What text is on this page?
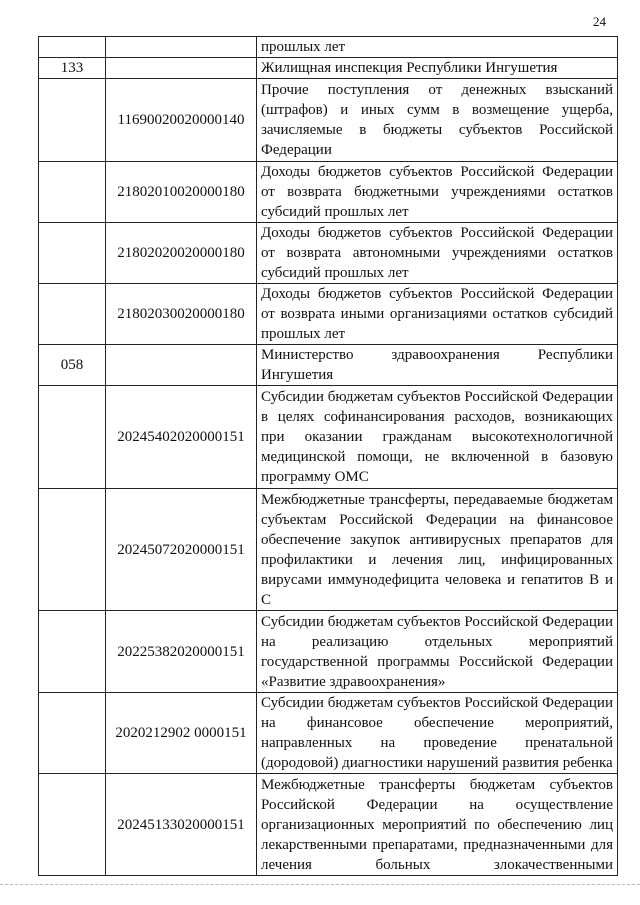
24
		прошлых лет
133		Жилищная инспекция Республики Ингушетия
	11690020020000140	Прочие поступления от денежных взысканий (штрафов) и иных сумм в возмещение ущерба, зачисляемые в бюджеты субъектов Российской Федерации
	21802010020000180	Доходы бюджетов субъектов Российской Федерации от возврата бюджетными учреждениями остатков субсидий прошлых лет
	21802020020000180	Доходы бюджетов субъектов Российской Федерации от возврата автономными учреждениями остатков субсидий прошлых лет
	21802030020000180	Доходы бюджетов субъектов Российской Федерации от возврата иными организациями остатков субсидий прошлых лет
058		Министерство здравоохранения Республики Ингушетия
	20245402020000151	Субсидии бюджетам субъектов Российской Федерации в целях софинансирования расходов, возникающих при оказании гражданам высокотехнологичной медицинской помощи, не включенной в базовую программу ОМС
	20245072020000151	Межбюджетные трансферты, передаваемые бюджетам субъектам Российской Федерации на финансовое обеспечение закупок антивирусных препаратов для профилактики и лечения лиц, инфицированных вирусами иммунодефицита человека и гепатитов В и С
	20225382020000151	Субсидии бюджетам субъектов Российской Федерации на реализацию отдельных мероприятий государственной программы Российской Федерации «Развитие здравоохранения»
	2020212902 0000151	Субсидии бюджетам субъектов Российской Федерации на финансовое обеспечение мероприятий, направленных на проведение пренатальной (дородовой) диагностики нарушений развития ребенка
	20245133020000151	Межбюджетные трансферты бюджетам субъектов Российской Федерации на осуществление организационных мероприятий по обеспечению лиц лекарственными препаратами, предназначенными для лечения больных злокачественными
